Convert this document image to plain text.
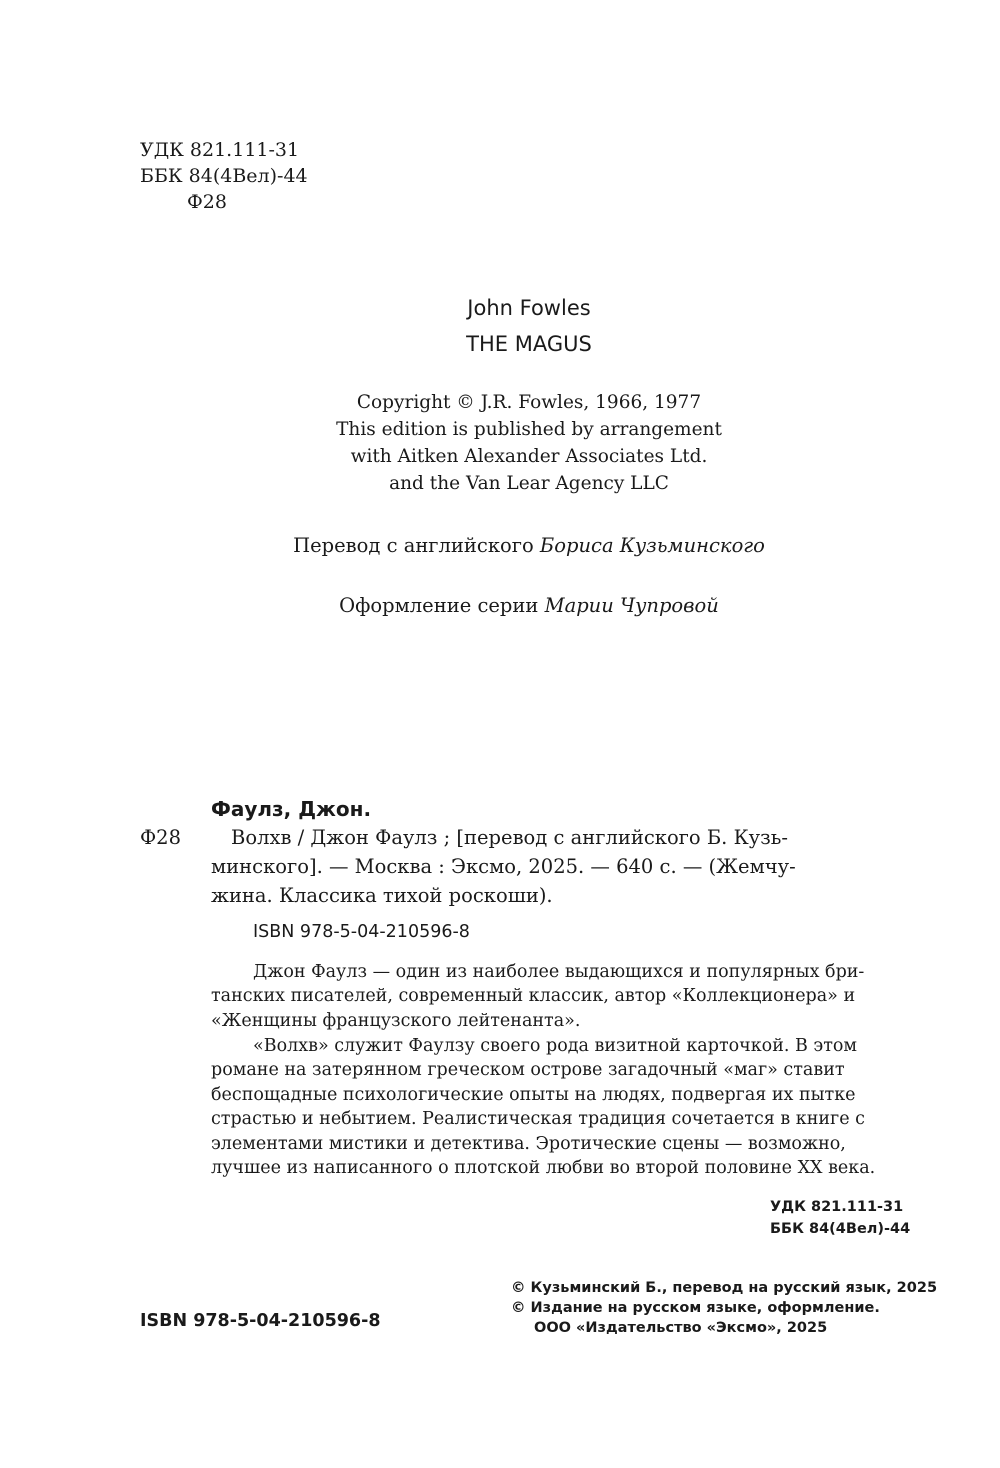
УДК 821.111-31
ББК 84(4Вел)-44
Ф28
John Fowles
THE MAGUS
Copyright © J.R. Fowles, 1966, 1977
This edition is published by arrangement
with Aitken Alexander Associates Ltd.
and the Van Lear Agency LLC
Перевод с английского Бориса Кузьминского
Оформление серии Марии Чупровой
Фаулз, Джон.
Ф28	Волхв / Джон Фаулз ; [перевод с английского Б. Кузь-
минского]. — Москва : Эксмо, 2025. — 640 с. — (Жемчу-
жина. Классика тихой роскоши).
ISBN 978-5-04-210596-8
Джон Фаулз — один из наиболее выдающихся и популярных бри-
танских писателей, современный классик, автор «Коллекционера» и
«Женщины французского лейтенанта».
«Волхв» служит Фаулзу своего рода визитной карточкой. В этом
романе на затерянном греческом острове загадочный «маг» ставит
беспощадные психологические опыты на людях, подвергая их пытке
страстью и небытием. Реалистическая традиция сочетается в книге с
элементами мистики и детектива. Эротические сцены — возможно,
лучшее из написанного о плотской любви во второй половине XX века.
УДК 821.111-31
ББК 84(4Вел)-44
ISBN 978-5-04-210596-8
© Кузьминский Б., перевод на русский язык, 2025
© Издание на русском языке, оформление.
ООО «Издательство «Эксмо», 2025
